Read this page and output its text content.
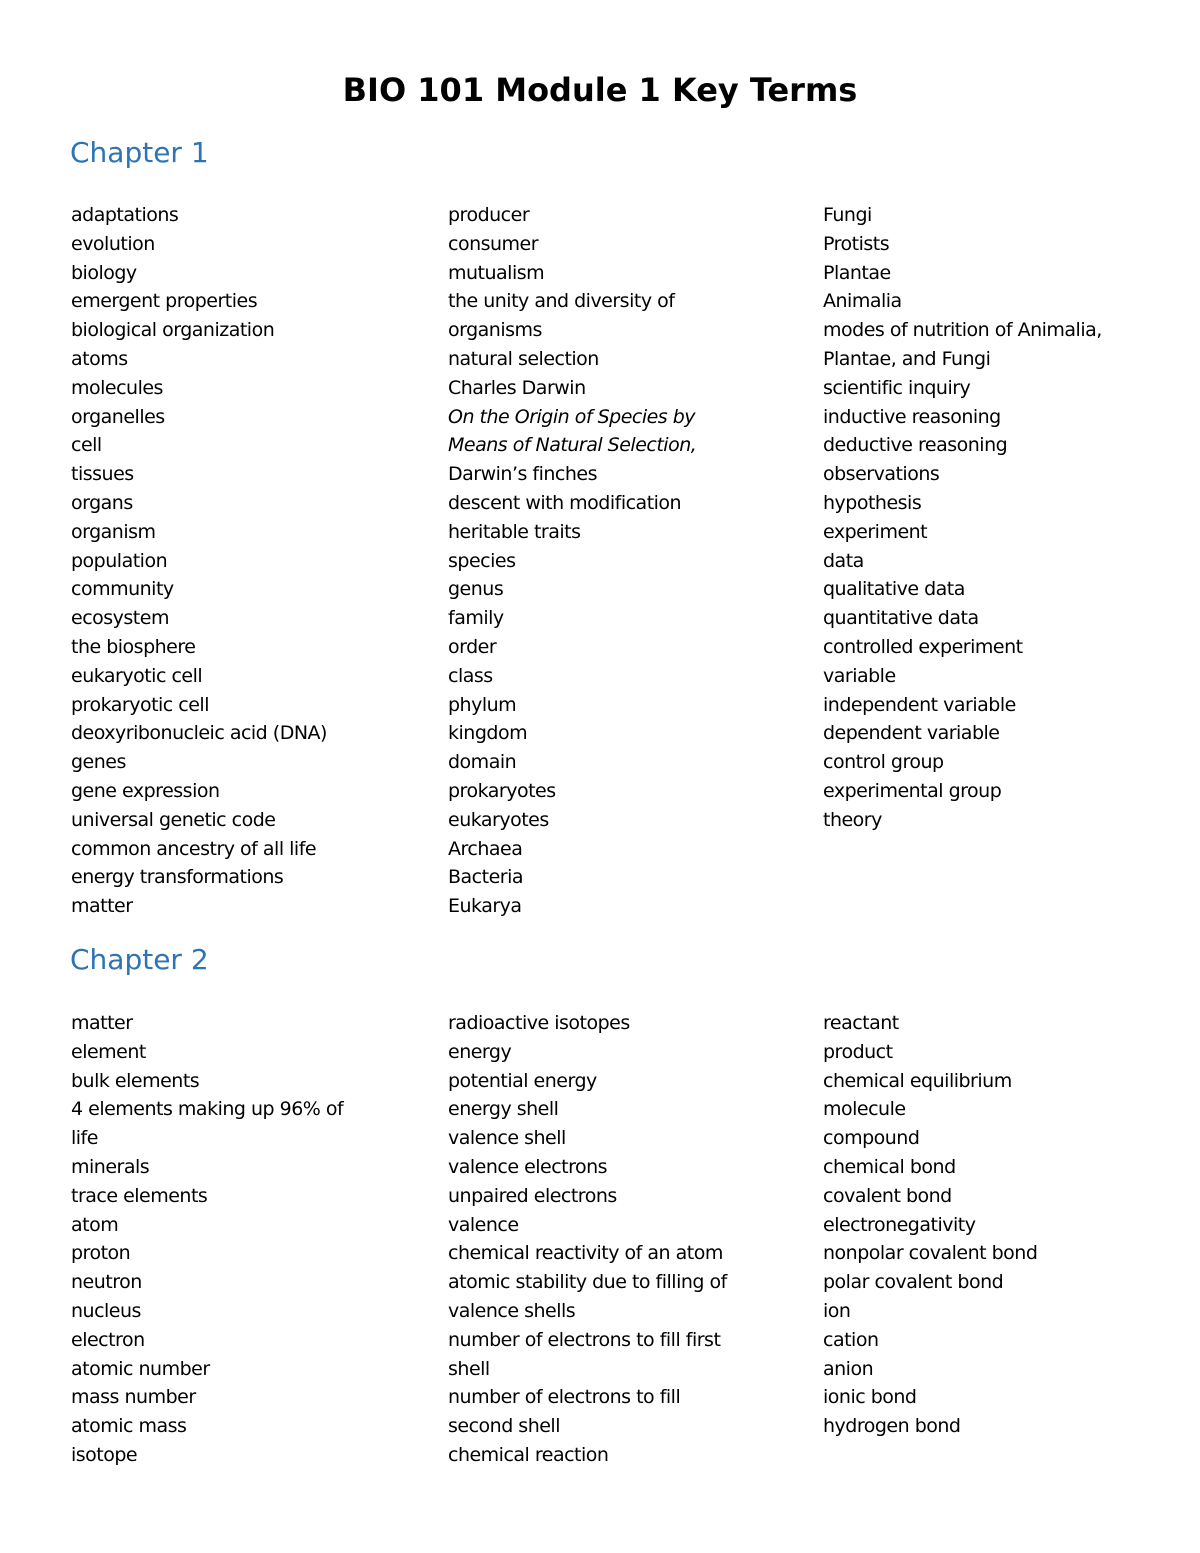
BIO 101 Module 1 Key Terms
Chapter 1
adaptations
evolution
biology
emergent properties
biological organization
atoms
molecules
organelles
cell
tissues
organs
organism
population
community
ecosystem
the biosphere
eukaryotic cell
prokaryotic cell
deoxyribonucleic acid (DNA)
genes
gene expression
universal genetic code
common ancestry of all life
energy transformations
matter
producer
consumer
mutualism
the unity and diversity of
organisms
natural selection
Charles Darwin
On the Origin of Species by
Means of Natural Selection,
Darwin’s finches
descent with modification
heritable traits
species
genus
family
order
class
phylum
kingdom
domain
prokaryotes
eukaryotes
Archaea
Bacteria
Eukarya
Fungi
Protists
Plantae
Animalia
modes of nutrition of Animalia,
Plantae, and Fungi
scientific inquiry
inductive reasoning
deductive reasoning
observations
hypothesis
experiment
data
qualitative data
quantitative data
controlled experiment
variable
independent variable
dependent variable
control group
experimental group
theory
Chapter 2
matter
element
bulk elements
4 elements making up 96% of
life
minerals
trace elements
atom
proton
neutron
nucleus
electron
atomic number
mass number
atomic mass
isotope
radioactive isotopes
energy
potential energy
energy shell
valence shell
valence electrons
unpaired electrons
valence
chemical reactivity of an atom
atomic stability due to filling of
valence shells
number of electrons to fill first
shell
number of electrons to fill
second shell
chemical reaction
reactant
product
chemical equilibrium
molecule
compound
chemical bond
covalent bond
electronegativity
nonpolar covalent bond
polar covalent bond
ion
cation
anion
ionic bond
hydrogen bond
